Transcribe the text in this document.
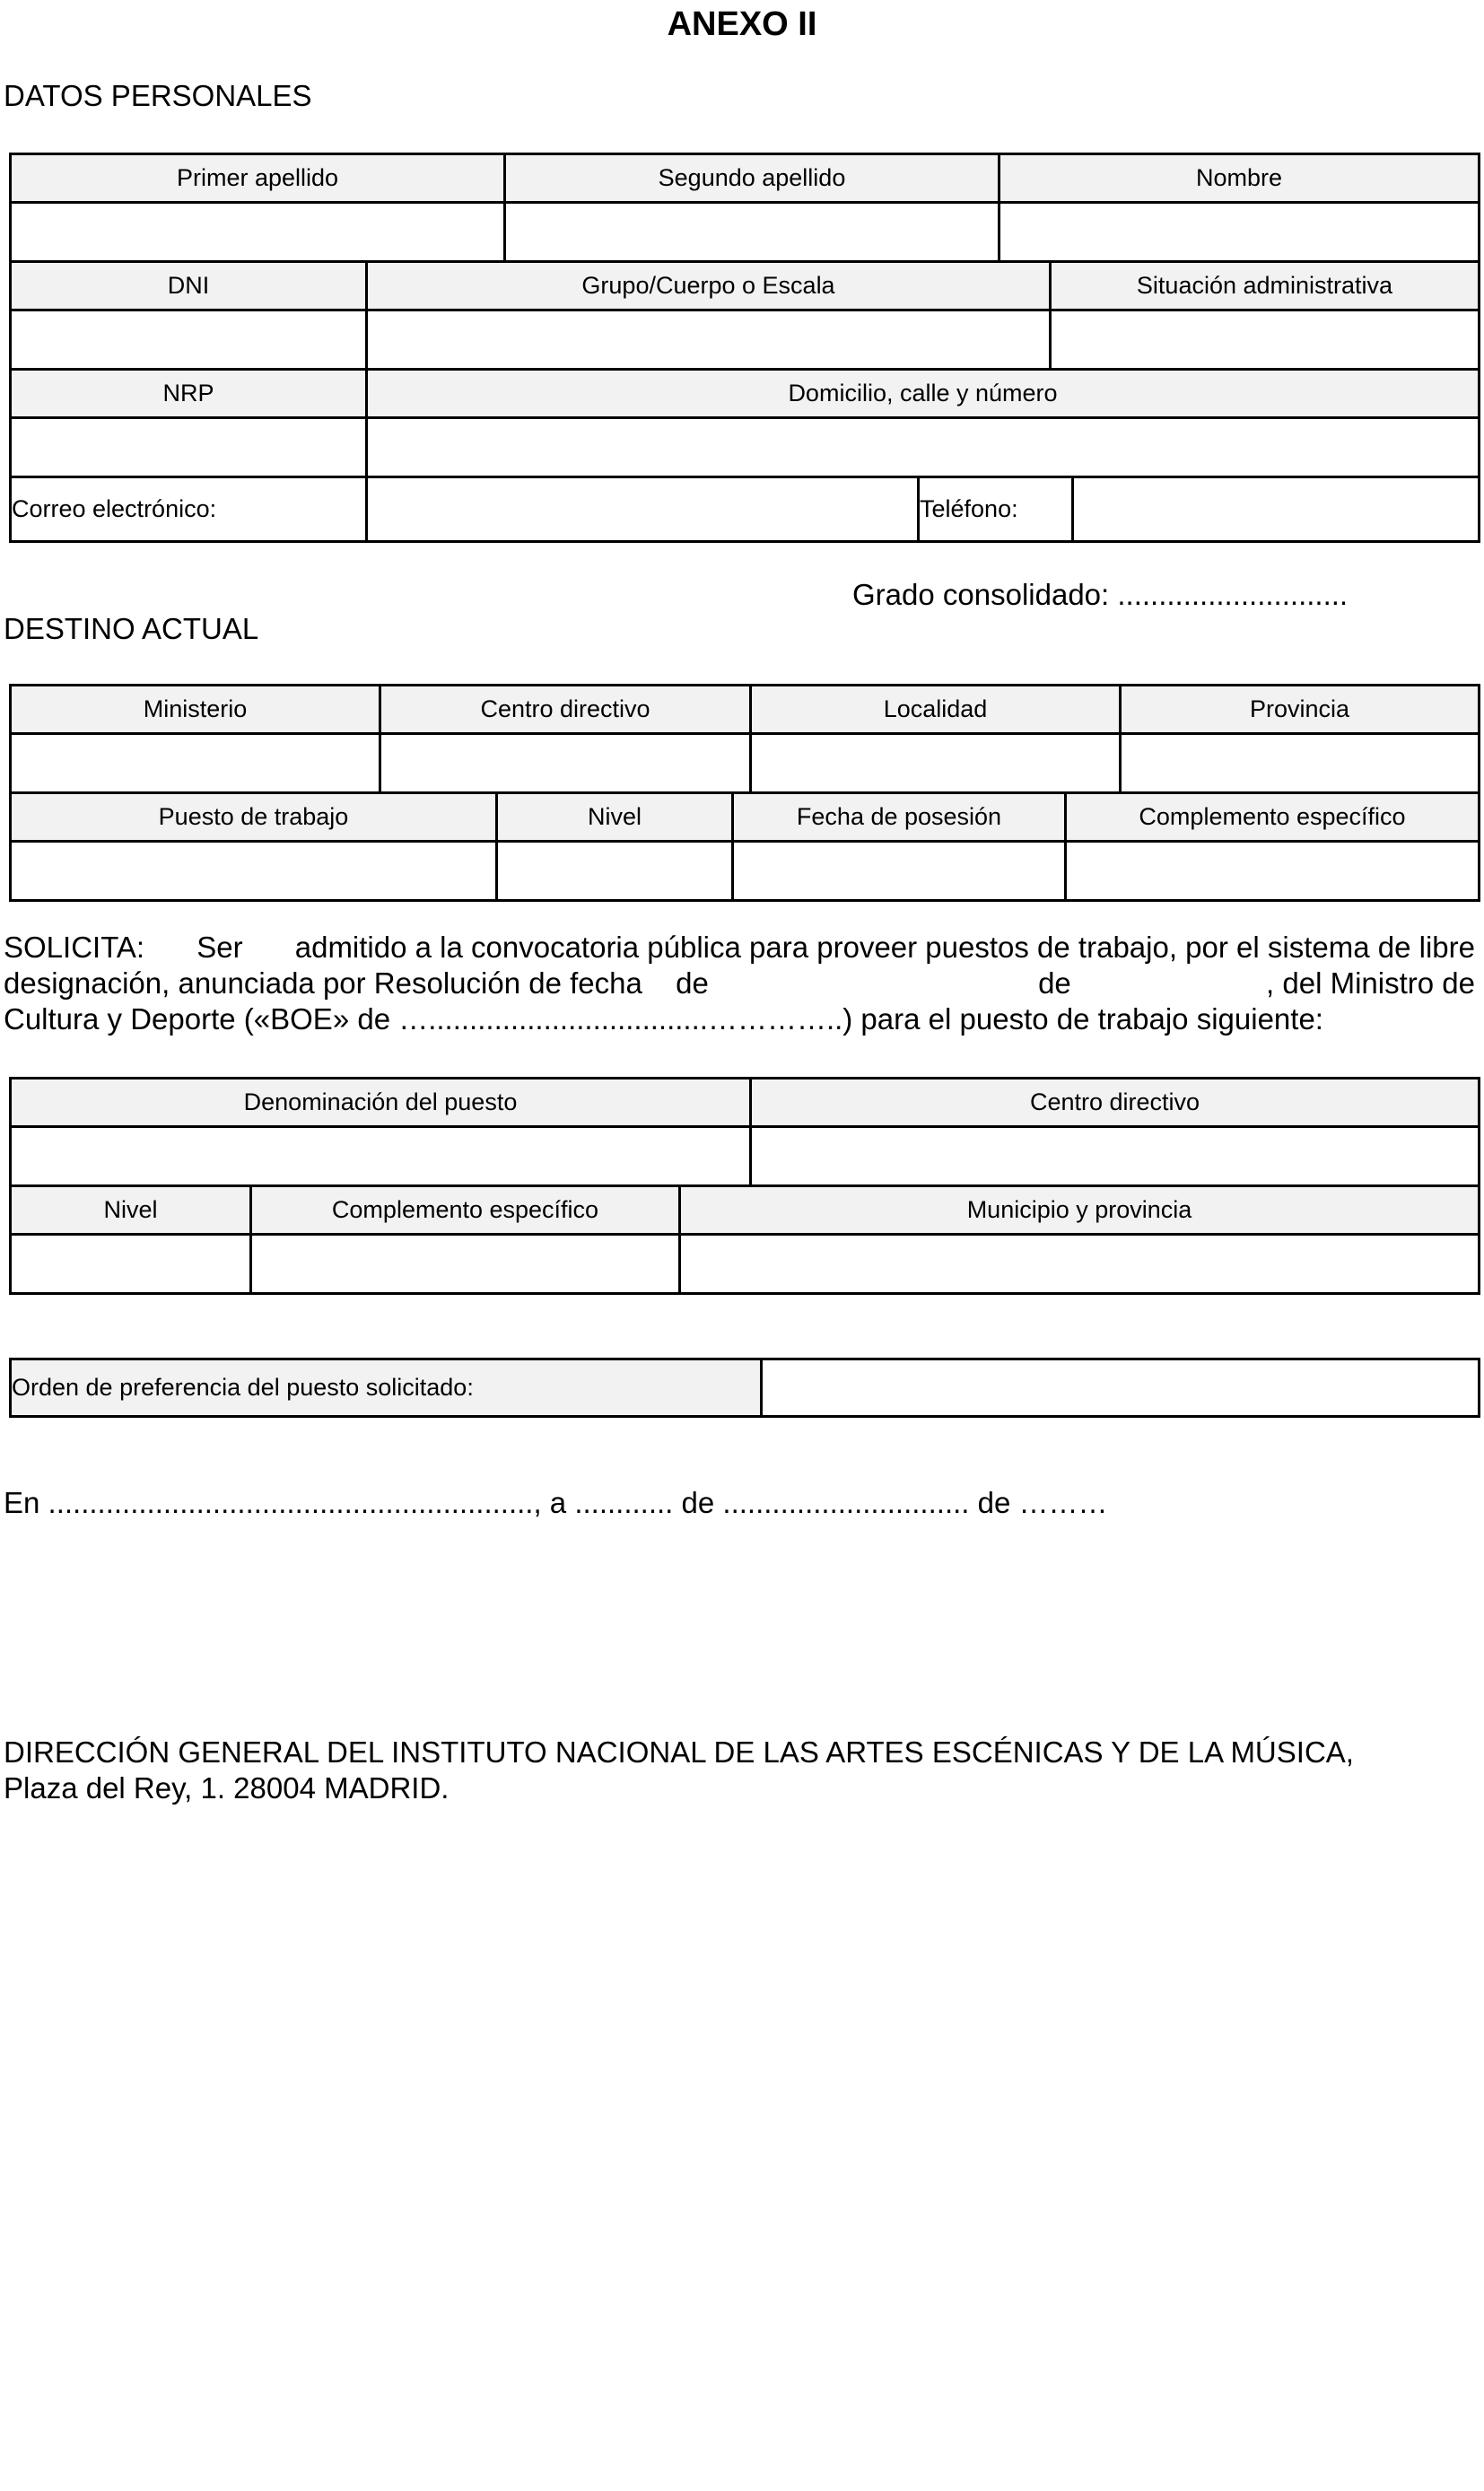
ANEXO II
DATOS PERSONALES
Primer apellido	Segundo apellido	Nombre

DNI	Grupo/Cuerpo o Escala	Situación administrativa

NRP	Domicilio, calle y número

Correo electrónico:		Teléfono:	
Grado consolidado: ............................
DESTINO ACTUAL
Ministerio	Centro directivo	Localidad	Provincia

Puesto de trabajo	Nivel	Fecha de posesión	Complemento específico

SOLICITA: Ser admitido a la convocatoria pública para proveer puestos de trabajo, por el sistema de libre
designación, anunciada por Resolución de fecha de	de	, del Ministro de
Cultura y Deporte («BOE» de …..................................…………..) para el puesto de trabajo siguiente:
Denominación del puesto	Centro directivo

Nivel	Complemento específico	Municipio y provincia

Orden de preferencia del puesto solicitado:	
En ..........................................................., a ............ de .............................. de ………
DIRECCIÓN GENERAL DEL INSTITUTO NACIONAL DE LAS ARTES ESCÉNICAS Y DE LA MÚSICA,
Plaza del Rey, 1. 28004 MADRID.
